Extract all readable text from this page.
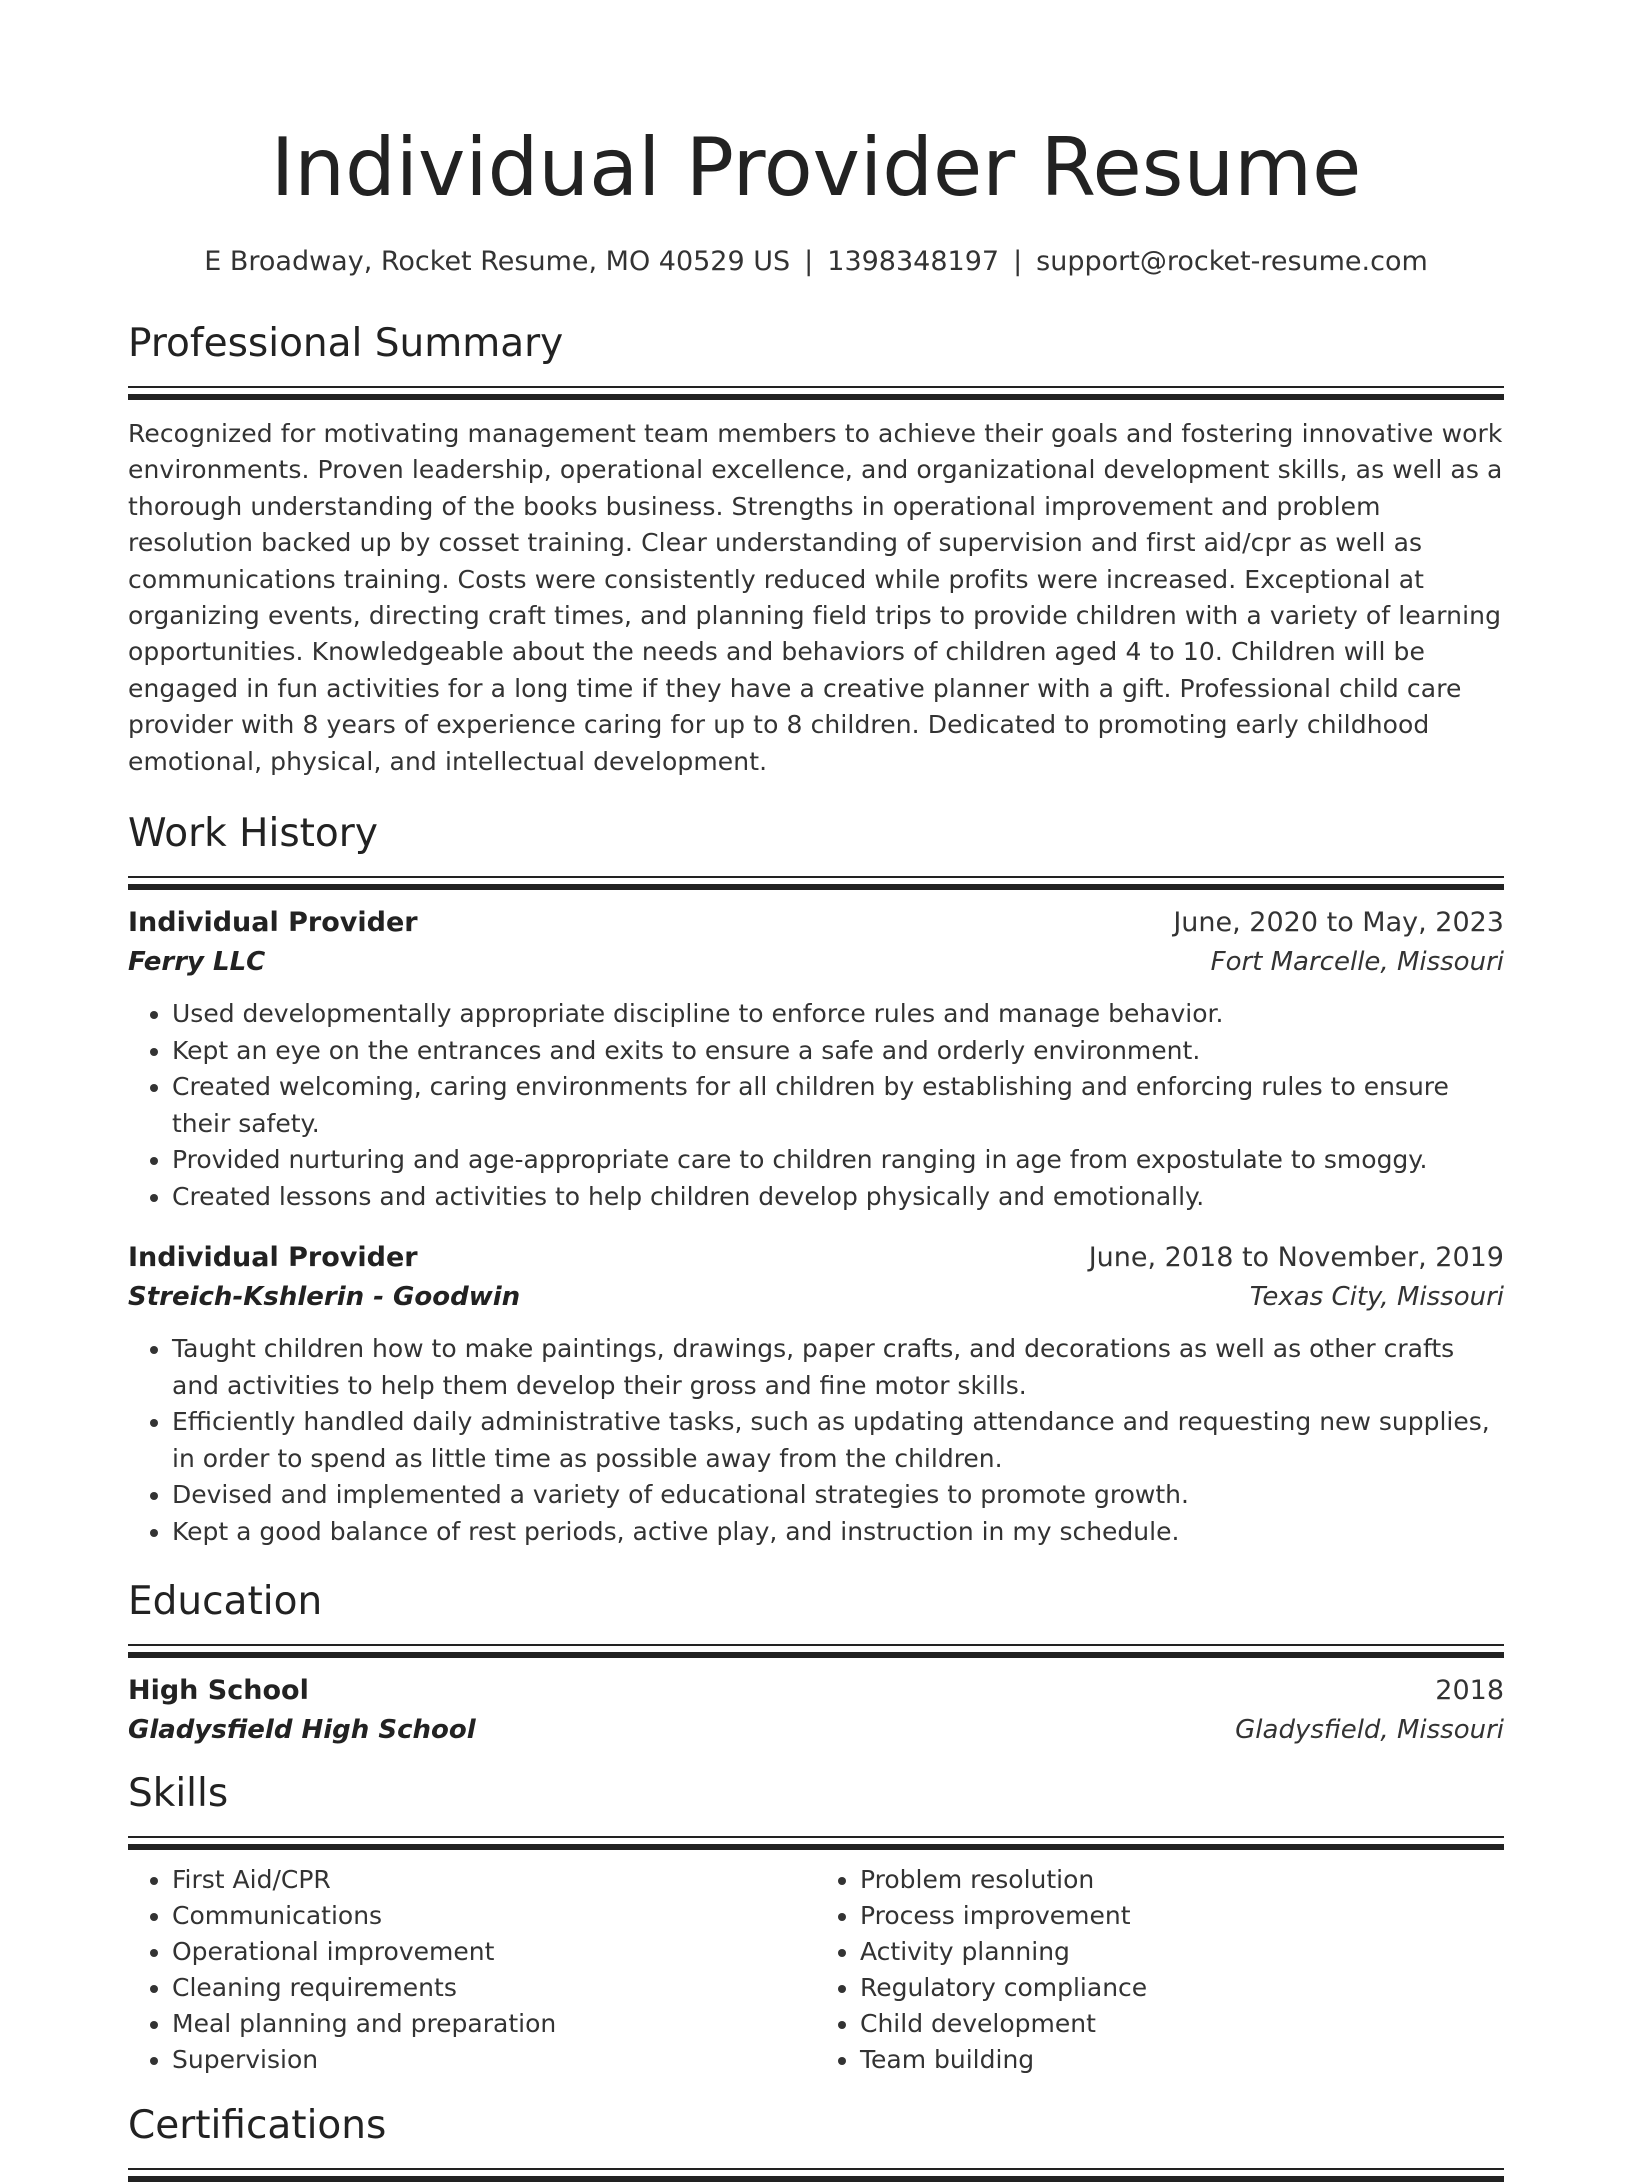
Individual Provider Resume
E Broadway, Rocket Resume, MO 40529 US | 1398348197 | support@rocket-resume.com
Professional Summary
Recognized for motivating management team members to achieve their goals and fostering innovative work environments. Proven leadership, operational excellence, and organizational development skills, as well as a thorough understanding of the books business. Strengths in operational improvement and problem resolution backed up by cosset training. Clear understanding of supervision and first aid/cpr as well as communications training. Costs were consistently reduced while profits were increased. Exceptional at organizing events, directing craft times, and planning field trips to provide children with a variety of learning opportunities. Knowledgeable about the needs and behaviors of children aged 4 to 10. Children will be engaged in fun activities for a long time if they have a creative planner with a gift. Professional child care provider with 8 years of experience caring for up to 8 children. Dedicated to promoting early childhood emotional, physical, and intellectual development.
Work History
Individual Provider	June, 2020 to May, 2023
Ferry LLC	Fort Marcelle, Missouri
• Used developmentally appropriate discipline to enforce rules and manage behavior.
• Kept an eye on the entrances and exits to ensure a safe and orderly environment.
• Created welcoming, caring environments for all children by establishing and enforcing rules to ensure their safety.
• Provided nurturing and age-appropriate care to children ranging in age from expostulate to smoggy.
• Created lessons and activities to help children develop physically and emotionally.
Individual Provider	June, 2018 to November, 2019
Streich-Kshlerin - Goodwin	Texas City, Missouri
• Taught children how to make paintings, drawings, paper crafts, and decorations as well as other crafts and activities to help them develop their gross and fine motor skills.
• Efficiently handled daily administrative tasks, such as updating attendance and requesting new supplies, in order to spend as little time as possible away from the children.
• Devised and implemented a variety of educational strategies to promote growth.
• Kept a good balance of rest periods, active play, and instruction in my schedule.
Education
High School	2018
Gladysfield High School	Gladysfield, Missouri
Skills
• First Aid/CPR
• Communications
• Operational improvement
• Cleaning requirements
• Meal planning and preparation
• Supervision
• Problem resolution
• Process improvement
• Activity planning
• Regulatory compliance
• Child development
• Team building
Certifications
